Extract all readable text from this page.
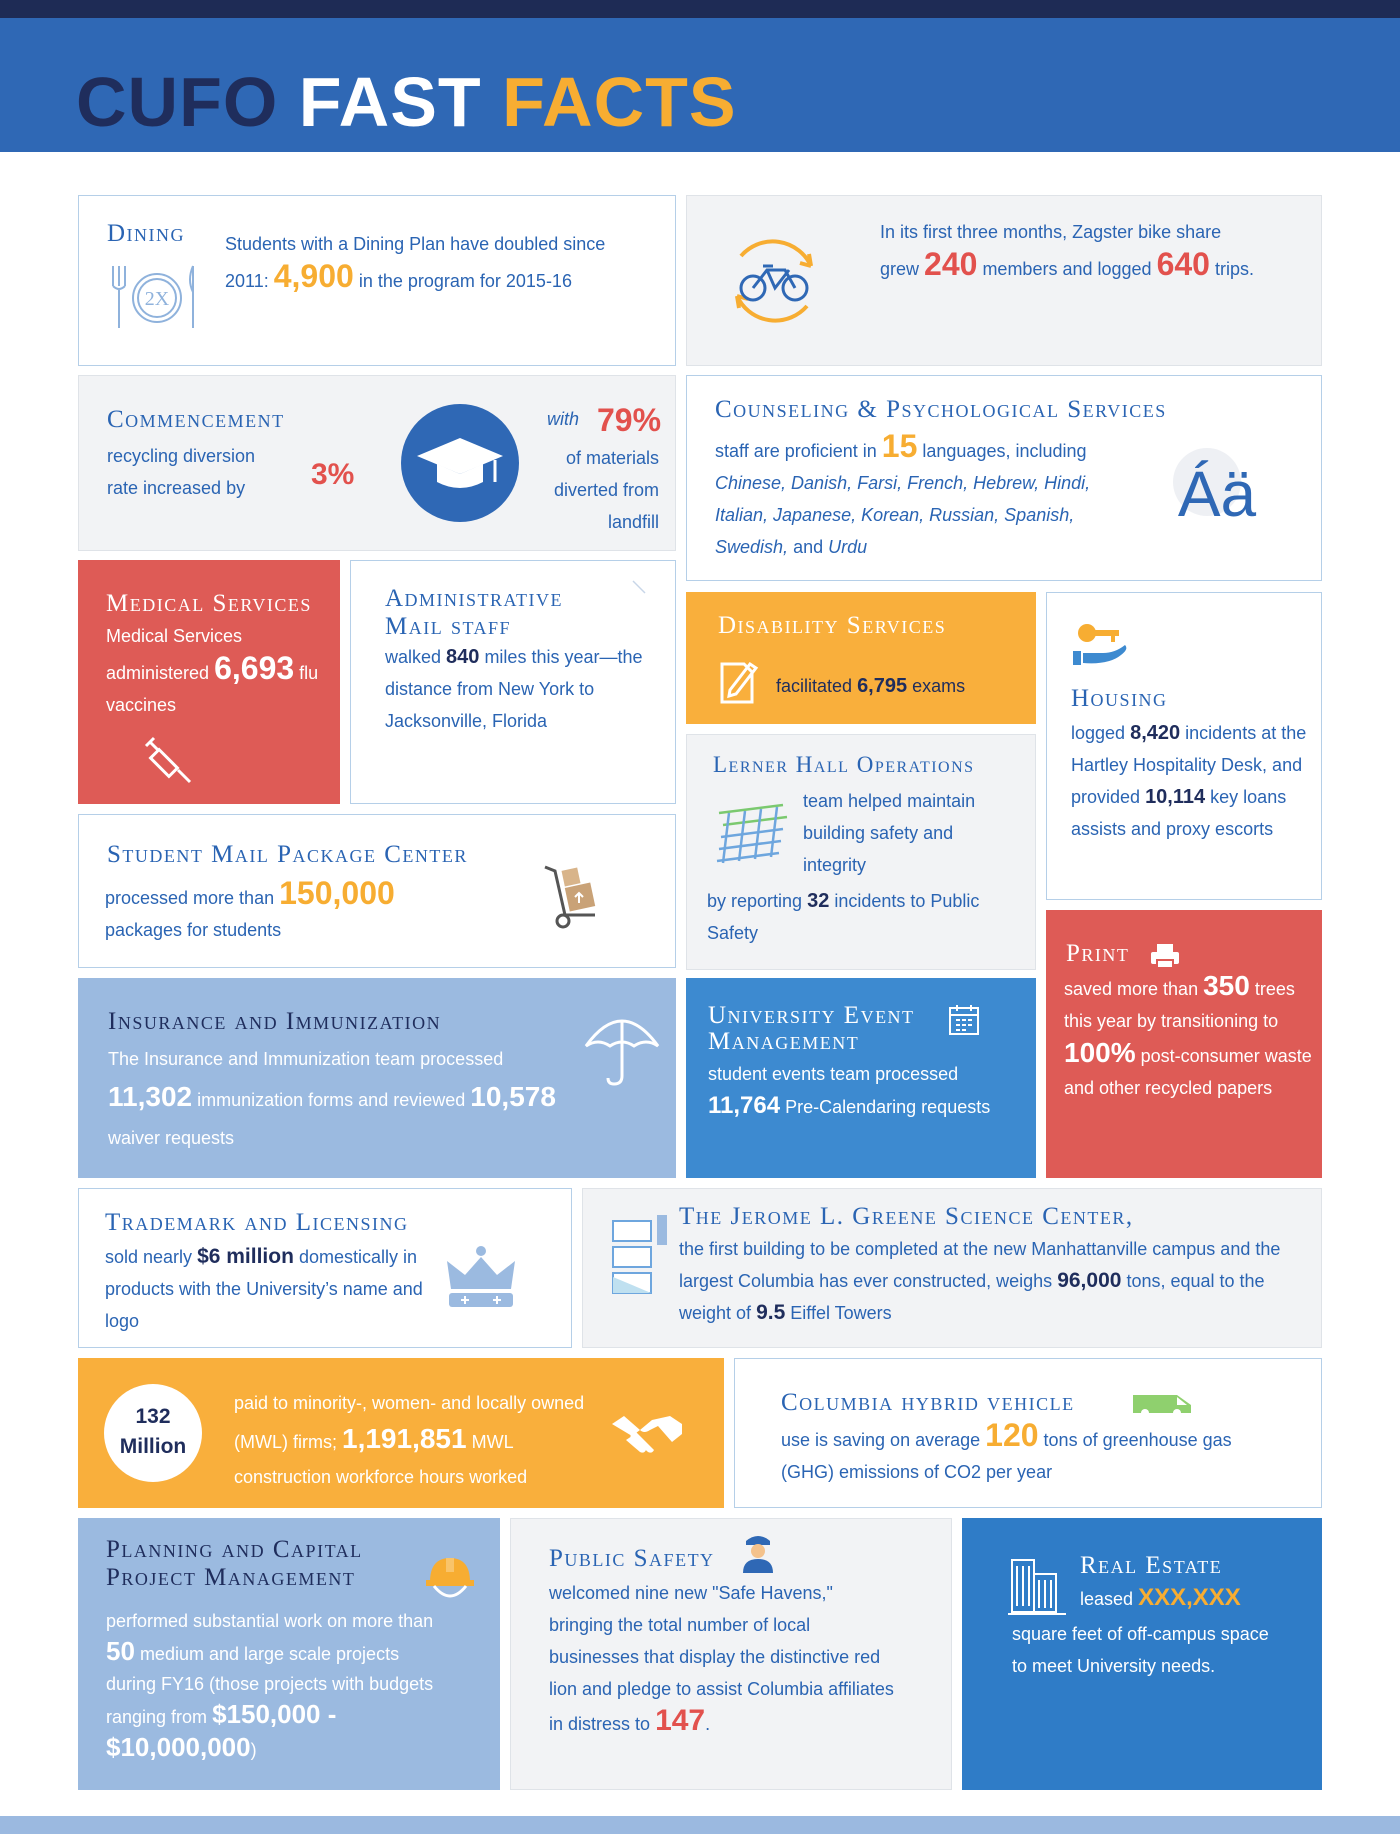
CUFO FAST FACTS
Dining
2X
Students with a Dining Plan have doubled since 2011: 4,900 in the program for 2015-16
In its first three months, Zagster bike share grew 240 members and logged 640 trips.
Commencement
recycling diversion rate increased by	3%
with 79%
of materials diverted from landfill
Counseling & Psychological Services
staff are proficient in 15 languages, including Chinese, Danish, Farsi, French, Hebrew, Hindi, Italian, Japanese, Korean, Russian, Spanish, Swedish, and Urdu
Áä
Medical Services
Medical Services administered 6,693 flu vaccines
Administrative
Mail staff
walked 840 miles this year—the distance from New York to Jacksonville, Florida
Disability Services
facilitated 6,795 exams	Housing
logged 8,420 incidents at the Hartley Hospitality Desk, and provided 10,114 key loans assists and proxy escorts
Lerner Hall Operations
team helped maintain building safety and integrity
by reporting 32 incidents to Public Safety
Student Mail Package Center
processed more than 150,000
packages for students
Print
saved more than 350 trees this year by transitioning to 100% post-consumer waste and other recycled papers
Insurance and Immunization
The Insurance and Immunization team processed 11,302 immunization forms and reviewed 10,578 waiver requests
University Event
Management
student events team processed 11,764 Pre-Calendaring requests
Trademark and Licensing
sold nearly $6 million domestically in products with the University’s name and logo
The Jerome L. Greene Science Center,
the first building to be completed at the new Manhattanville campus and the largest Columbia has ever constructed, weighs 96,000 tons, equal to the weight of 9.5 Eiffel Towers
132
Million
paid to minority-, women- and locally owned (MWL) firms; 1,191,851 MWL construction workforce hours worked
Columbia hybrid vehicle
use is saving on average 120 tons of greenhouse gas (GHG) emissions of CO2 per year
Planning and Capital
Project Management
performed substantial work on more than 50 medium and large scale projects during FY16 (those projects with budgets ranging from $150,000 - $10,000,000)
Public Safety
welcomed nine new "Safe Havens," bringing the total number of local businesses that display the distinctive red lion and pledge to assist Columbia affiliates in distress to 147.
Real Estate
leased XXX,XXX
square feet of off-campus space to meet University needs.
